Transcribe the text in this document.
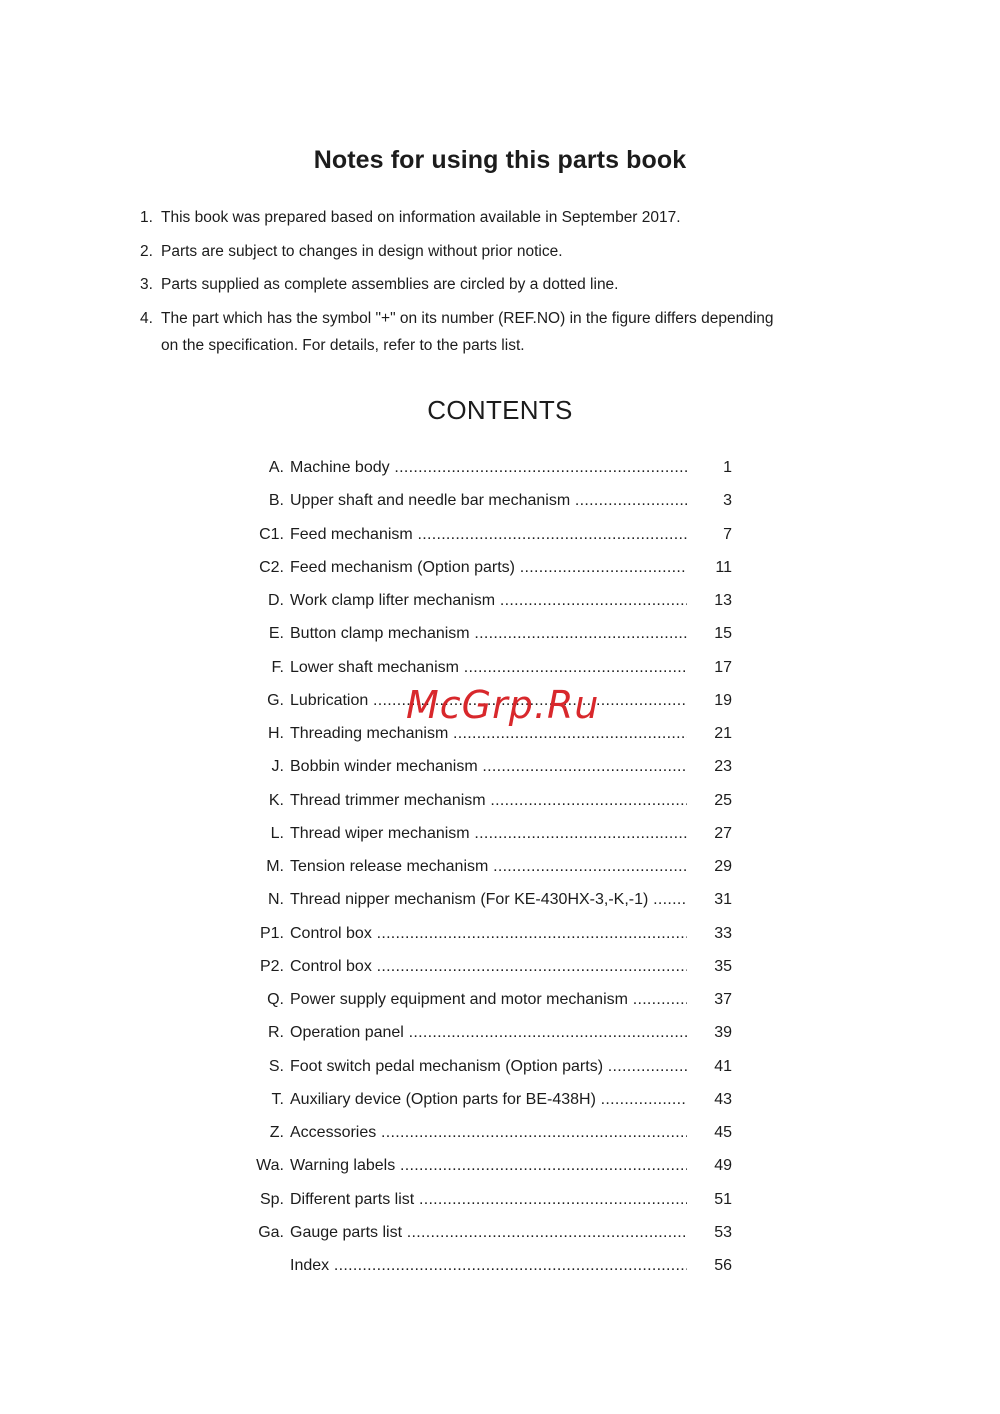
Notes for using this parts book
1. This book was prepared based on information available in September 2017.
2. Parts are subject to changes in design without prior notice.
3. Parts supplied as complete assemblies are circled by a dotted line.
4. The part which has the symbol "+" on its number (REF.NO) in the figure differs depending on the specification. For details, refer to the parts list.
CONTENTS
A. Machine body .....	1
B. Upper shaft and needle bar mechanism .....	3
C1. Feed mechanism .....	7
C2. Feed mechanism (Option parts) .....	11
D. Work clamp lifter mechanism .....	13
E. Button clamp mechanism .....	15
F. Lower shaft mechanism .....	17
G. Lubrication .....	19
H. Threading mechanism .....	21
J. Bobbin winder mechanism .....	23
K. Thread trimmer mechanism .....	25
L. Thread wiper mechanism .....	27
M. Tension release mechanism .....	29
N. Thread nipper mechanism (For KE-430HX-3,-K,-1) .....	31
P1. Control box .....	33
P2. Control box .....	35
Q. Power supply equipment and motor mechanism .....	37
R. Operation panel .....	39
S. Foot switch pedal mechanism (Option parts) .....	41
T. Auxiliary device (Option parts for BE-438H) .....	43
Z. Accessories .....	45
Wa. Warning labels .....	49
Sp. Different parts list .....	51
Ga. Gauge parts list .....	53
Index .....	56
McGrp.Ru
